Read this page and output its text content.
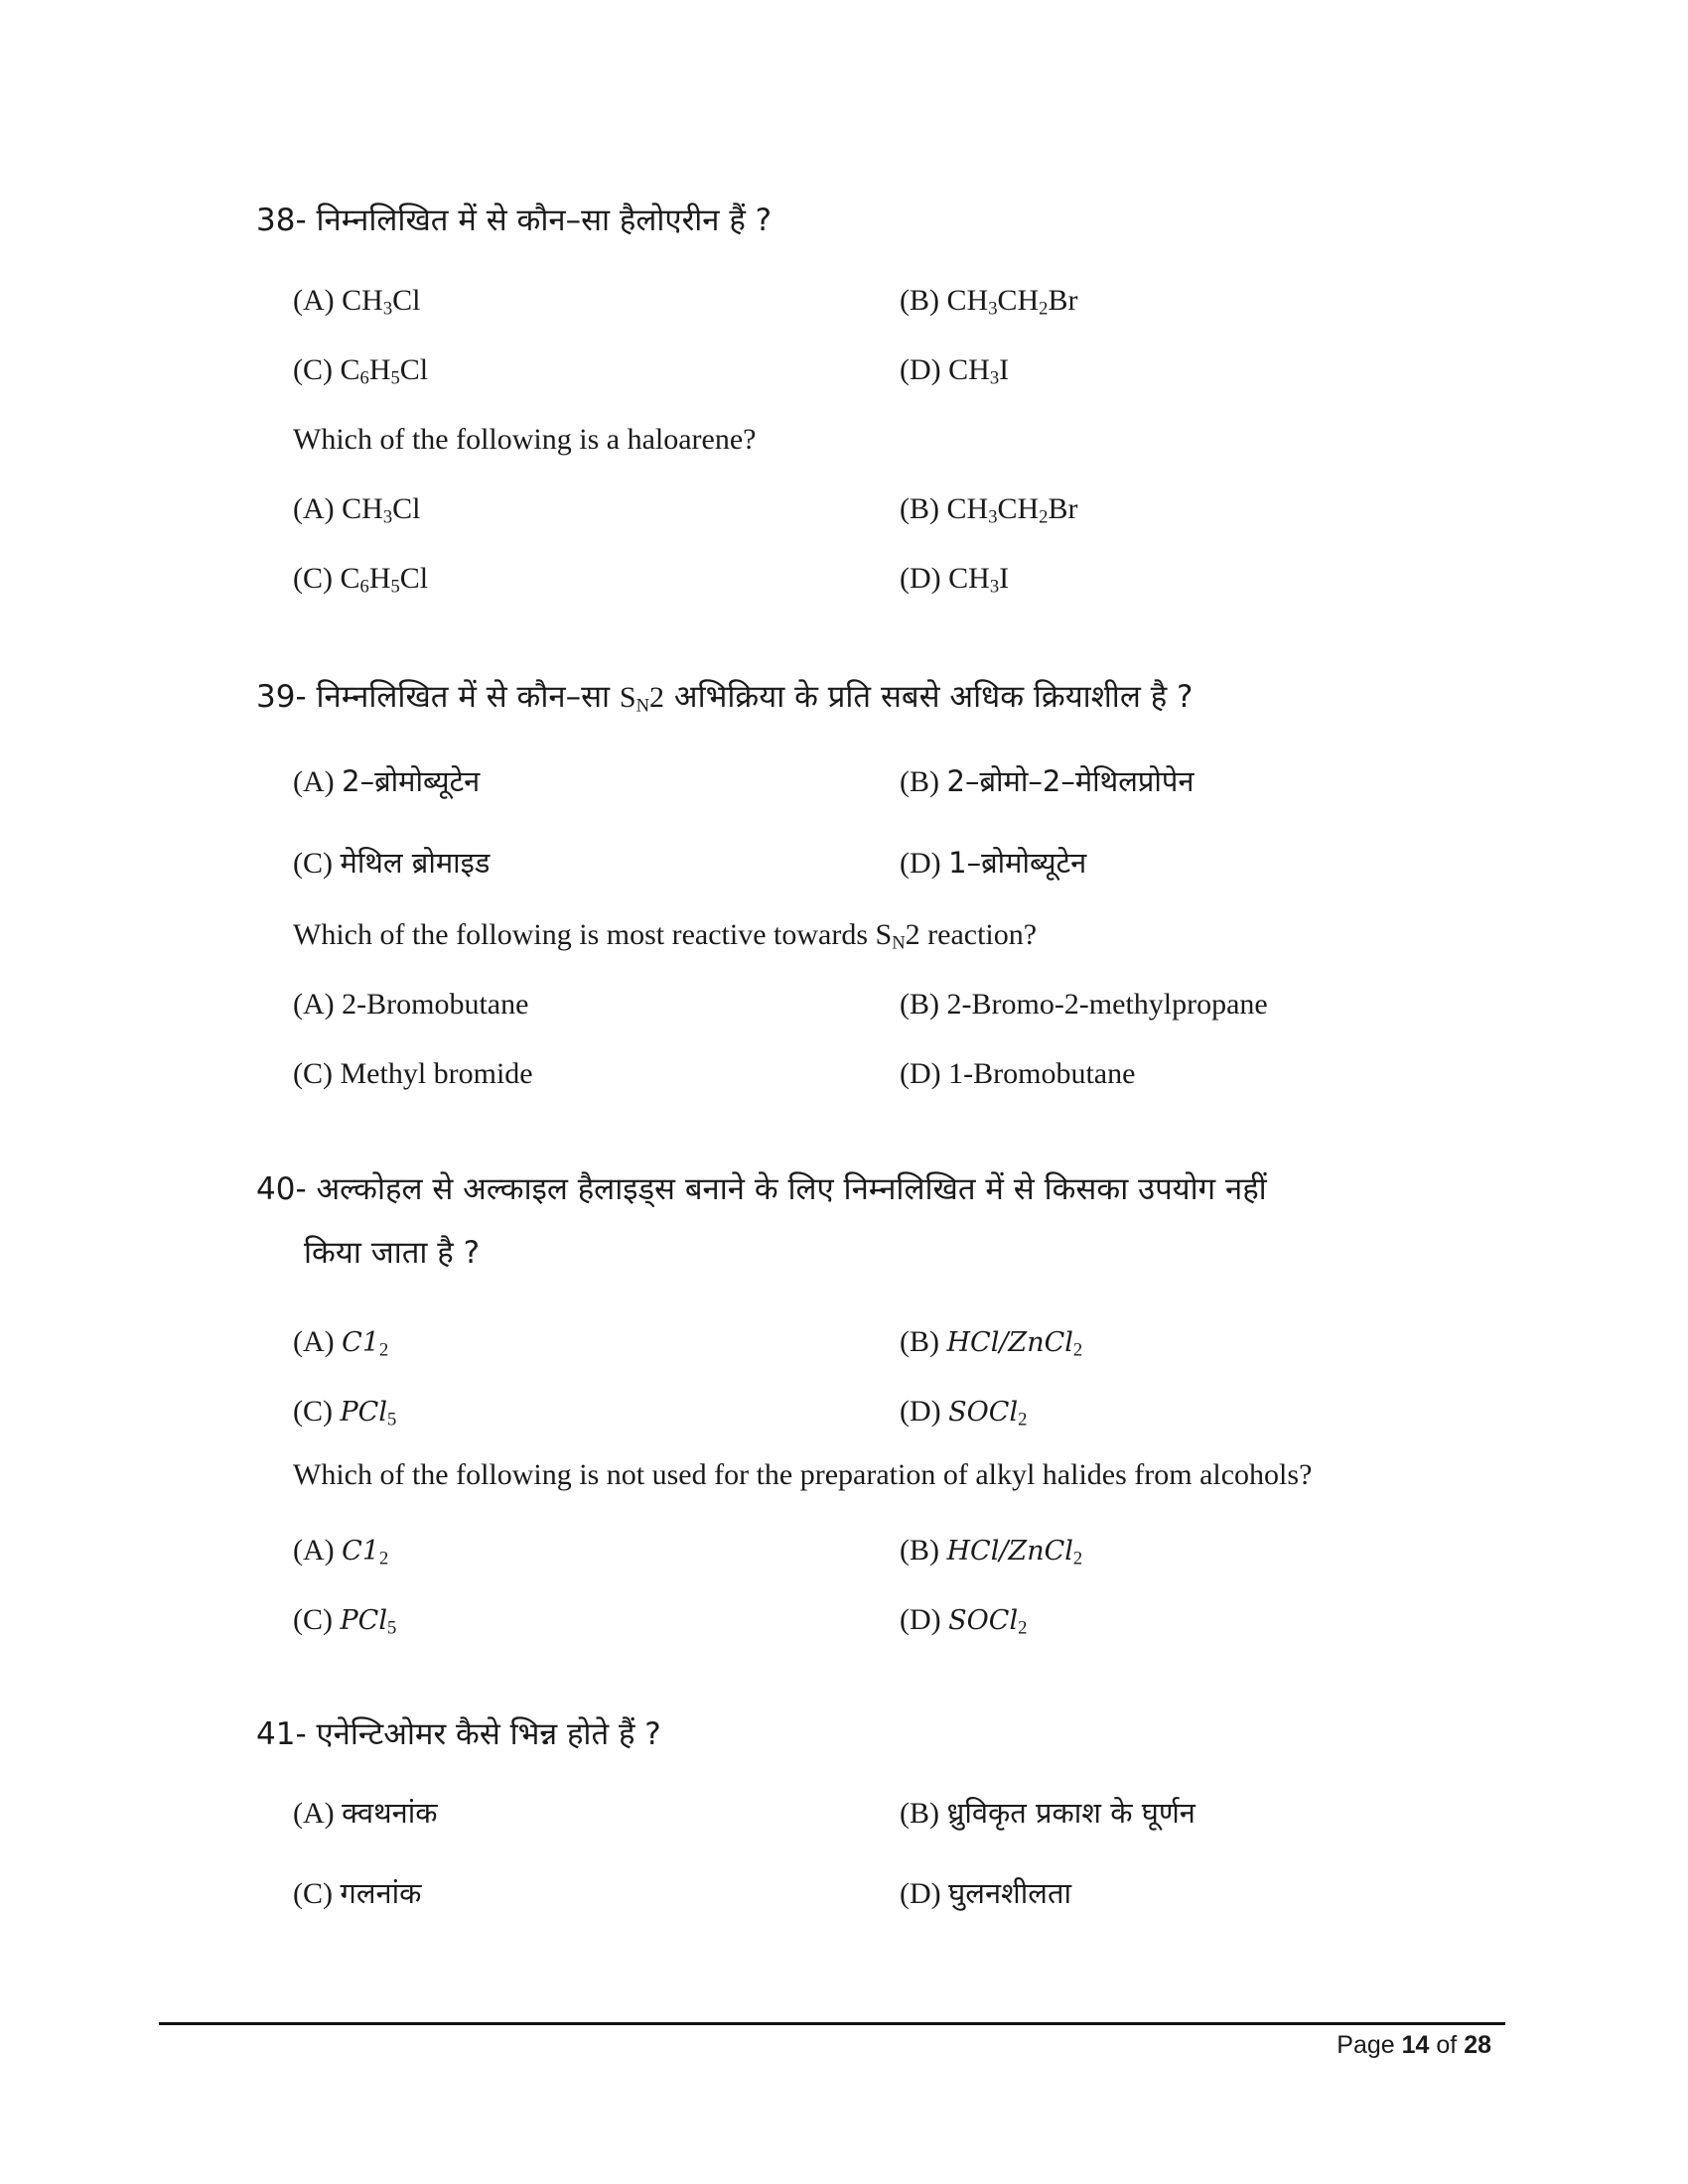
38- निम्नलिखित में से कौन–सा हैलोएरीन हैं ?
(A) $CH_3Cl$	(B) $CH_3CH_2Br$
(C) $C_6H_5Cl$	(D) $CH_3I$
Which of the following is a haloarene?
(A) $CH_3Cl$	(B) $CH_3CH_2Br$
(C) $C_6H_5Cl$	(D) $CH_3I$
39- निम्नलिखित में से कौन–सा $S_N2$ अभिक्रिया के प्रति सबसे अधिक क्रियाशील है ?
(A) 2–ब्रोमोब्यूटेन	(B) 2–ब्रोमो–2–मेथिलप्रोपेन
(C) मेथिल ब्रोमाइड	(D) 1–ब्रोमोब्यूटेन
Which of the following is most reactive towards $S_N2$ reaction?
(A) 2-Bromobutane	(B) 2-Bromo-2-methylpropane
(C) Methyl bromide	(D) 1-Bromobutane
40- अल्कोहल से अल्काइल हैलाइड्स बनाने के लिए निम्नलिखित में से किसका उपयोग नहीं
किया जाता है ?
(A) $C1_2$	(B) HCl/ZnCl$_2$
(C) PCl$_5$	(D) SOCl$_2$
Which of the following is not used for the preparation of alkyl halides from alcohols?
(A) $C1_2$	(B) HCl/ZnCl$_2$
(C) PCl$_5$	(D) SOCl$_2$
41- एनेन्टिओमर कैसे भिन्न होते हैं ?
(A) क्वथनांक	(B) ध्रुविकृत प्रकाश के घूर्णन
(C) गलनांक	(D) घुलनशीलता
Page 14 of 28
